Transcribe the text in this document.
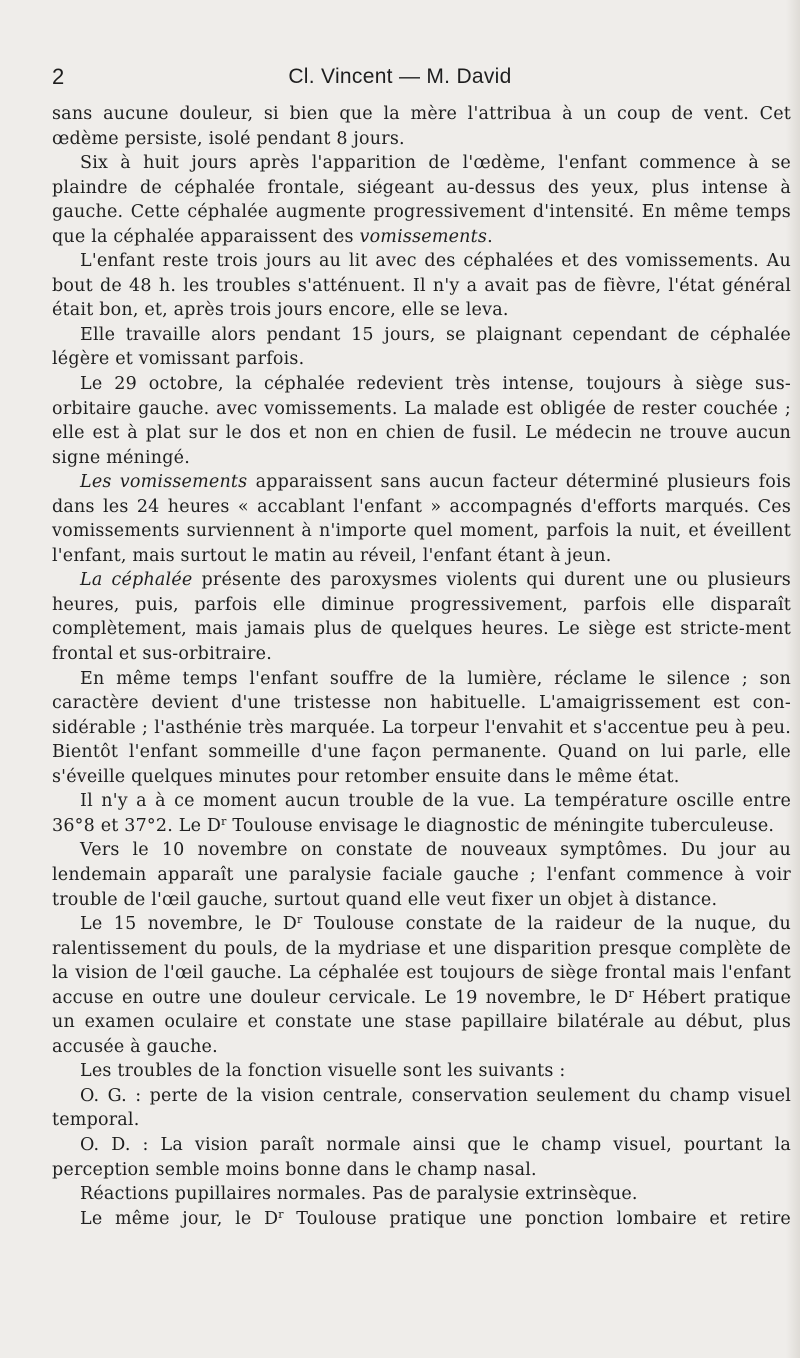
2	Cl. Vincent — M. David

sans aucune douleur, si bien que la mère l'attribua à un coup de vent. Cet œdème persiste, isolé pendant 8 jours.

Six à huit jours après l'apparition de l'œdème, l'enfant commence à se plaindre de céphalée frontale, siégeant au-dessus des yeux, plus intense à gauche. Cette céphalée augmente progressivement d'intensité. En même temps que la céphalée apparaissent des vomissements.

L'enfant reste trois jours au lit avec des céphalées et des vomissements. Au bout de 48 h. les troubles s'atténuent. Il n'y a avait pas de fièvre, l'état général était bon, et, après trois jours encore, elle se leva.

Elle travaille alors pendant 15 jours, se plaignant cependant de céphalée légère et vomissant parfois.

Le 29 octobre, la céphalée redevient très intense, toujours à siège sus-orbitaire gauche. avec vomissements. La malade est obligée de rester couchée ; elle est à plat sur le dos et non en chien de fusil. Le médecin ne trouve aucun signe méningé.

Les vomissements apparaissent sans aucun facteur déterminé plusieurs fois dans les 24 heures « accablant l'enfant » accompagnés d'efforts marqués. Ces vomissements surviennent à n'importe quel moment, parfois la nuit, et éveillent l'enfant, mais surtout le matin au réveil, l'enfant étant à jeun.

La céphalée présente des paroxysmes violents qui durent une ou plusieurs heures, puis, parfois elle diminue progressivement, parfois elle disparaît complètement, mais jamais plus de quelques heures. Le siège est stricte-ment frontal et sus-orbitraire.

En même temps l'enfant souffre de la lumière, réclame le silence ; son caractère devient d'une tristesse non habituelle. L'amaigrissement est con-sidérable ; l'asthénie très marquée. La torpeur l'envahit et s'accentue peu à peu. Bientôt l'enfant sommeille d'une façon permanente. Quand on lui parle, elle s'éveille quelques minutes pour retomber ensuite dans le même état.

Il n'y a à ce moment aucun trouble de la vue. La température oscille entre 36°8 et 37°2. Le $D^r$ Toulouse envisage le diagnostic de méningite tuberculeuse.

Vers le 10 novembre on constate de nouveaux symptômes. Du jour au lendemain apparaît une paralysie faciale gauche ; l'enfant commence à voir trouble de l'œil gauche, surtout quand elle veut fixer un objet à distance.

Le 15 novembre, le $D^r$ Toulouse constate de la raideur de la nuque, du ralentissement du pouls, de la mydriase et une disparition presque complète de la vision de l'œil gauche. La céphalée est toujours de siège frontal mais l'enfant accuse en outre une douleur cervicale. Le 19 novembre, le $D^r$ Hébert pratique un examen oculaire et constate une stase papillaire bilatérale au début, plus accusée à gauche.

Les troubles de la fonction visuelle sont les suivants :

O. G. : perte de la vision centrale, conservation seulement du champ visuel temporal.

O. D. : La vision paraît normale ainsi que le champ visuel, pourtant la perception semble moins bonne dans le champ nasal.

Réactions pupillaires normales. Pas de paralysie extrinsèque.

Le même jour, le $D^r$ Toulouse pratique une ponction lombaire et retire
